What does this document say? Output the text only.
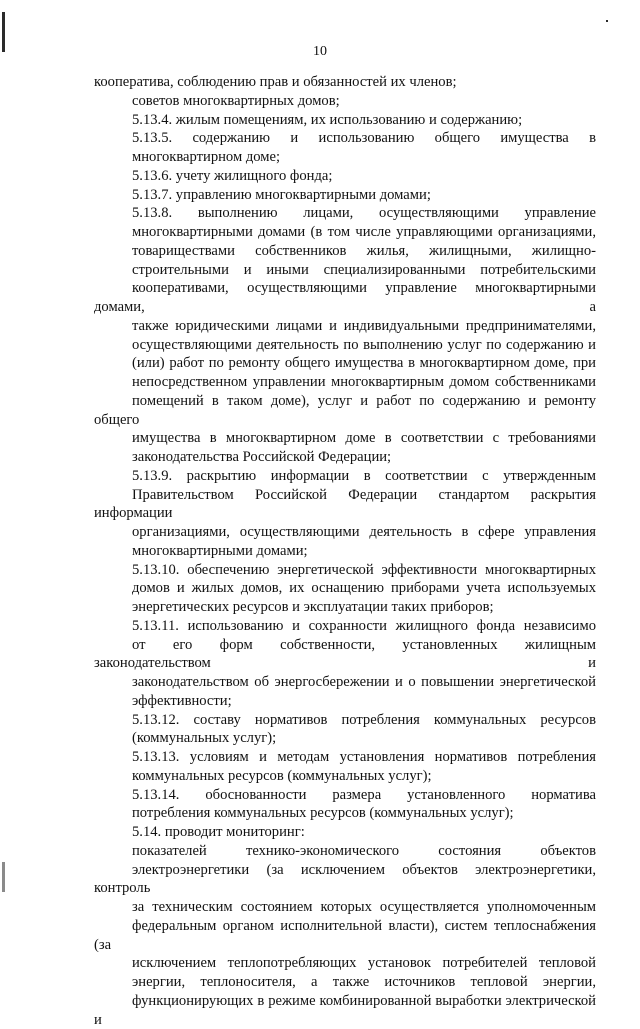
10
кооператива, соблюдению прав и обязанностей их членов;
советов многоквартирных домов;
5.13.4. жилым помещениям, их использованию и содержанию;
5.13.5. содержанию и использованию общего имущества в
многоквартирном доме;
5.13.6. учету жилищного фонда;
5.13.7. управлению многоквартирными домами;
5.13.8. выполнению лицами, осуществляющими управление
многоквартирными домами (в том числе управляющими организациями,
товариществами собственников жилья, жилищными, жилищно-
строительными и иными специализированными потребительскими
кооперативами, осуществляющими управление многоквартирными домами, а
также юридическими лицами и индивидуальными предпринимателями,
осуществляющими деятельность по выполнению услуг по содержанию и
(или) работ по ремонту общего имущества в многоквартирном доме, при
непосредственном управлении многоквартирным домом собственниками
помещений в таком доме), услуг и работ по содержанию и ремонту общего
имущества в многоквартирном доме в соответствии с требованиями
законодательства Российской Федерации;
5.13.9. раскрытию информации в соответствии с утвержденным
Правительством Российской Федерации стандартом раскрытия информации
организациями, осуществляющими деятельность в сфере управления
многоквартирными домами;
5.13.10. обеспечению энергетической эффективности многоквартирных
домов и жилых домов, их оснащению приборами учета используемых
энергетических ресурсов и эксплуатации таких приборов;
5.13.11. использованию и сохранности жилищного фонда независимо
от его форм собственности, установленных жилищным законодательством и
законодательством об энергосбережении и о повышении энергетической
эффективности;
5.13.12. составу нормативов потребления коммунальных ресурсов
(коммунальных услуг);
5.13.13. условиям и методам установления нормативов потребления
коммунальных ресурсов (коммунальных услуг);
5.13.14. обоснованности размера установленного норматива
потребления коммунальных ресурсов (коммунальных услуг);
5.14. проводит мониторинг:
показателей технико-экономического состояния объектов
электроэнергетики (за исключением объектов электроэнергетики, контроль
за техническим состоянием которых осуществляется уполномоченным
федеральным органом исполнительной власти), систем теплоснабжения (за
исключением теплопотребляющих установок потребителей тепловой
энергии, теплоносителя, а также источников тепловой энергии,
функционирующих в режиме комбинированной выработки электрической и
